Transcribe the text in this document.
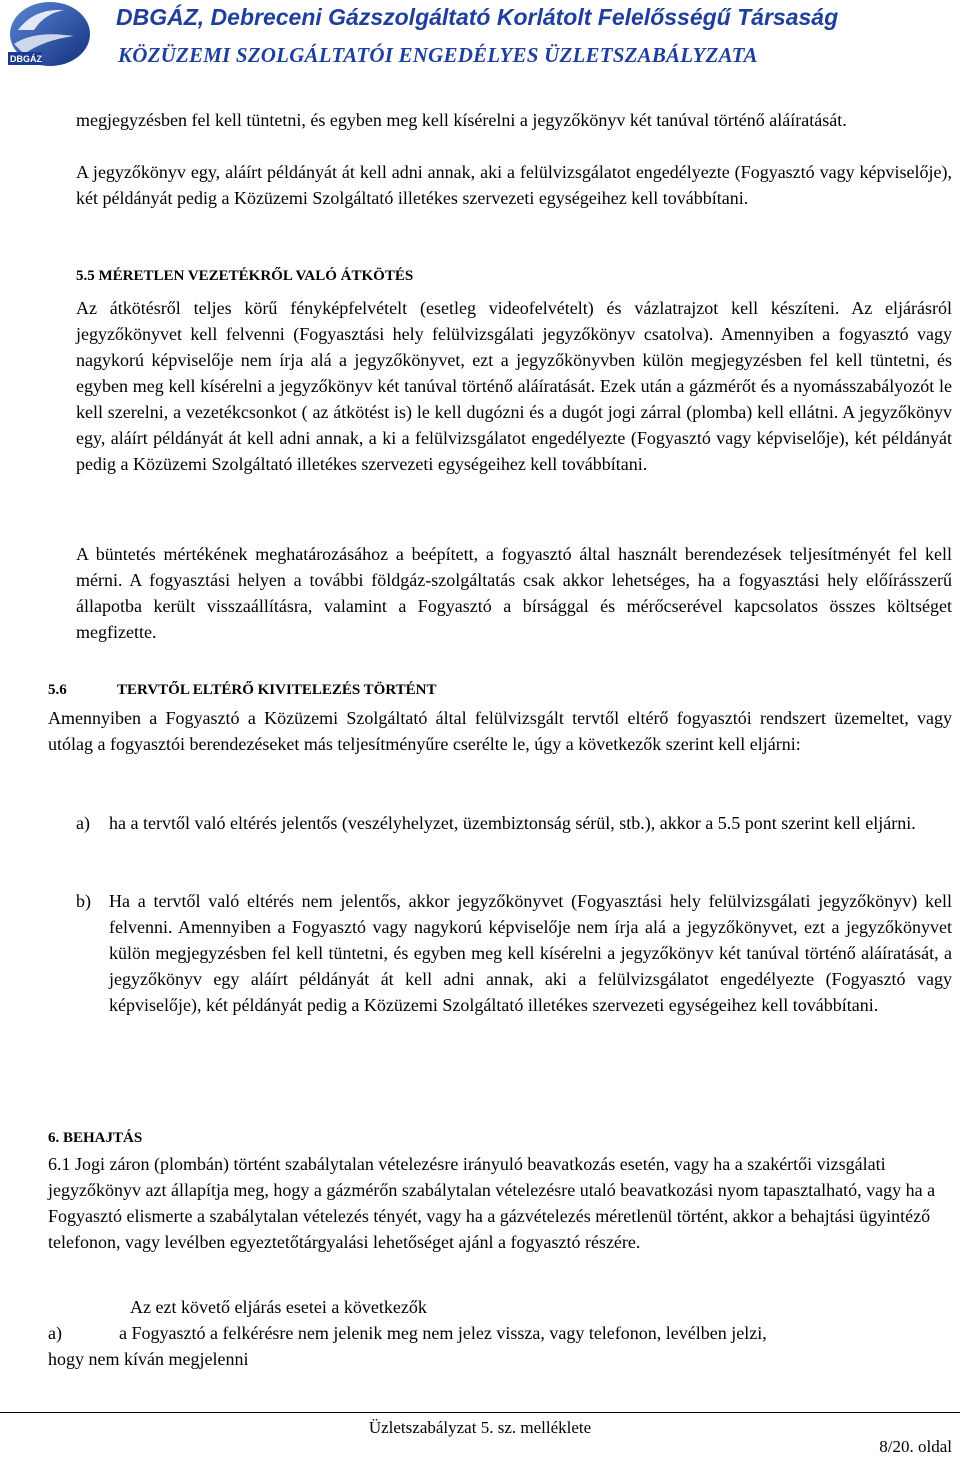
DBGÁZ
DBGÁZ, Debreceni Gázszolgáltató Korlátolt Felelősségű Társaság
KÖZÜZEMI SZOLGÁLTATÓI ENGEDÉLYES ÜZLETSZABÁLYZATA

megjegyzésben fel kell tüntetni, és egyben meg kell kísérelni a jegyzőkönyv két tanúval történő aláíratását.

A jegyzőkönyv egy, aláírt példányát át kell adni annak, aki a felülvizsgálatot engedélyezte (Fogyasztó vagy képviselője), két példányát pedig a Közüzemi Szolgáltató illetékes szervezeti egységeihez kell továbbítani.

5.5 MÉRETLEN VEZETÉKRŐL VALÓ ÁTKÖTÉS

Az átkötésről teljes körű fényképfelvételt (esetleg videofelvételt) és vázlatrajzot kell készíteni. Az eljárásról jegyzőkönyvet kell felvenni (Fogyasztási hely felülvizsgálati jegyzőkönyv csatolva). Amennyiben a fogyasztó vagy nagykorú képviselője nem írja alá a jegyzőkönyvet, ezt a jegyzőkönyvben külön megjegyzésben fel kell tüntetni, és egyben meg kell kísérelni a jegyzőkönyv két tanúval történő aláíratását. Ezek után a gázmérőt és a nyomásszabályozót le kell szerelni, a vezetékcsonkot ( az átkötést is) le kell dugózni és a dugót jogi zárral (plomba) kell ellátni. A jegyzőkönyv egy, aláírt példányát át kell adni annak, a ki a felülvizsgálatot engedélyezte (Fogyasztó vagy képviselője), két példányát pedig a Közüzemi Szolgáltató illetékes szervezeti egységeihez kell továbbítani.

A büntetés mértékének meghatározásához a beépített, a fogyasztó által használt berendezések teljesítményét fel kell mérni. A fogyasztási helyen a további földgáz-szolgáltatás csak akkor lehetséges, ha a fogyasztási hely előírásszerű állapotba került visszaállításra, valamint a Fogyasztó a bírsággal és mérőcserével kapcsolatos összes költséget megfizette.

5.6	TERVTŐL ELTÉRŐ KIVITELEZÉS TÖRTÉNT

Amennyiben a Fogyasztó a Közüzemi Szolgáltató által felülvizsgált tervtől eltérő fogyasztói rendszert üzemeltet, vagy utólag a fogyasztói berendezéseket más teljesítményűre cserélte le, úgy a következők szerint kell eljárni:

a) ha a tervtől való eltérés jelentős (veszélyhelyzet, üzembiztonság sérül, stb.), akkor a 5.5 pont szerint kell eljárni.

b) Ha a tervtől való eltérés nem jelentős, akkor jegyzőkönyvet (Fogyasztási hely felülvizsgálati jegyzőkönyv) kell felvenni. Amennyiben a Fogyasztó vagy nagykorú képviselője nem írja alá a jegyzőkönyvet, ezt a jegyzőkönyvet külön megjegyzésben fel kell tüntetni, és egyben meg kell kísérelni a jegyzőkönyv két tanúval történő aláíratását, a jegyzőkönyv egy aláírt példányát át kell adni annak, aki a felülvizsgálatot engedélyezte (Fogyasztó vagy képviselője), két példányát pedig a Közüzemi Szolgáltató illetékes szervezeti egységeihez kell továbbítani.

6. BEHAJTÁS

6.1 Jogi záron (plombán) történt szabálytalan vételezésre irányuló beavatkozás esetén, vagy ha a szakértői vizsgálati jegyzőkönyv azt állapítja meg, hogy a gázmérőn szabálytalan vételezésre utaló beavatkozási nyom tapasztalható, vagy ha a Fogyasztó elismerte a szabálytalan vételezés tényét, vagy ha a gázvételezés méretlenül történt, akkor a behajtási ügyintéző telefonon, vagy levélben egyeztetőtárgyalási lehetőséget ajánl a fogyasztó részére.

Az ezt követő eljárás esetei a következők
a)	a Fogyasztó a felkérésre nem jelenik meg nem jelez vissza, vagy telefonon, levélben jelzi,
hogy nem kíván megjelenni
Üzletszabályzat 5. sz. melléklete
8/20. oldal
